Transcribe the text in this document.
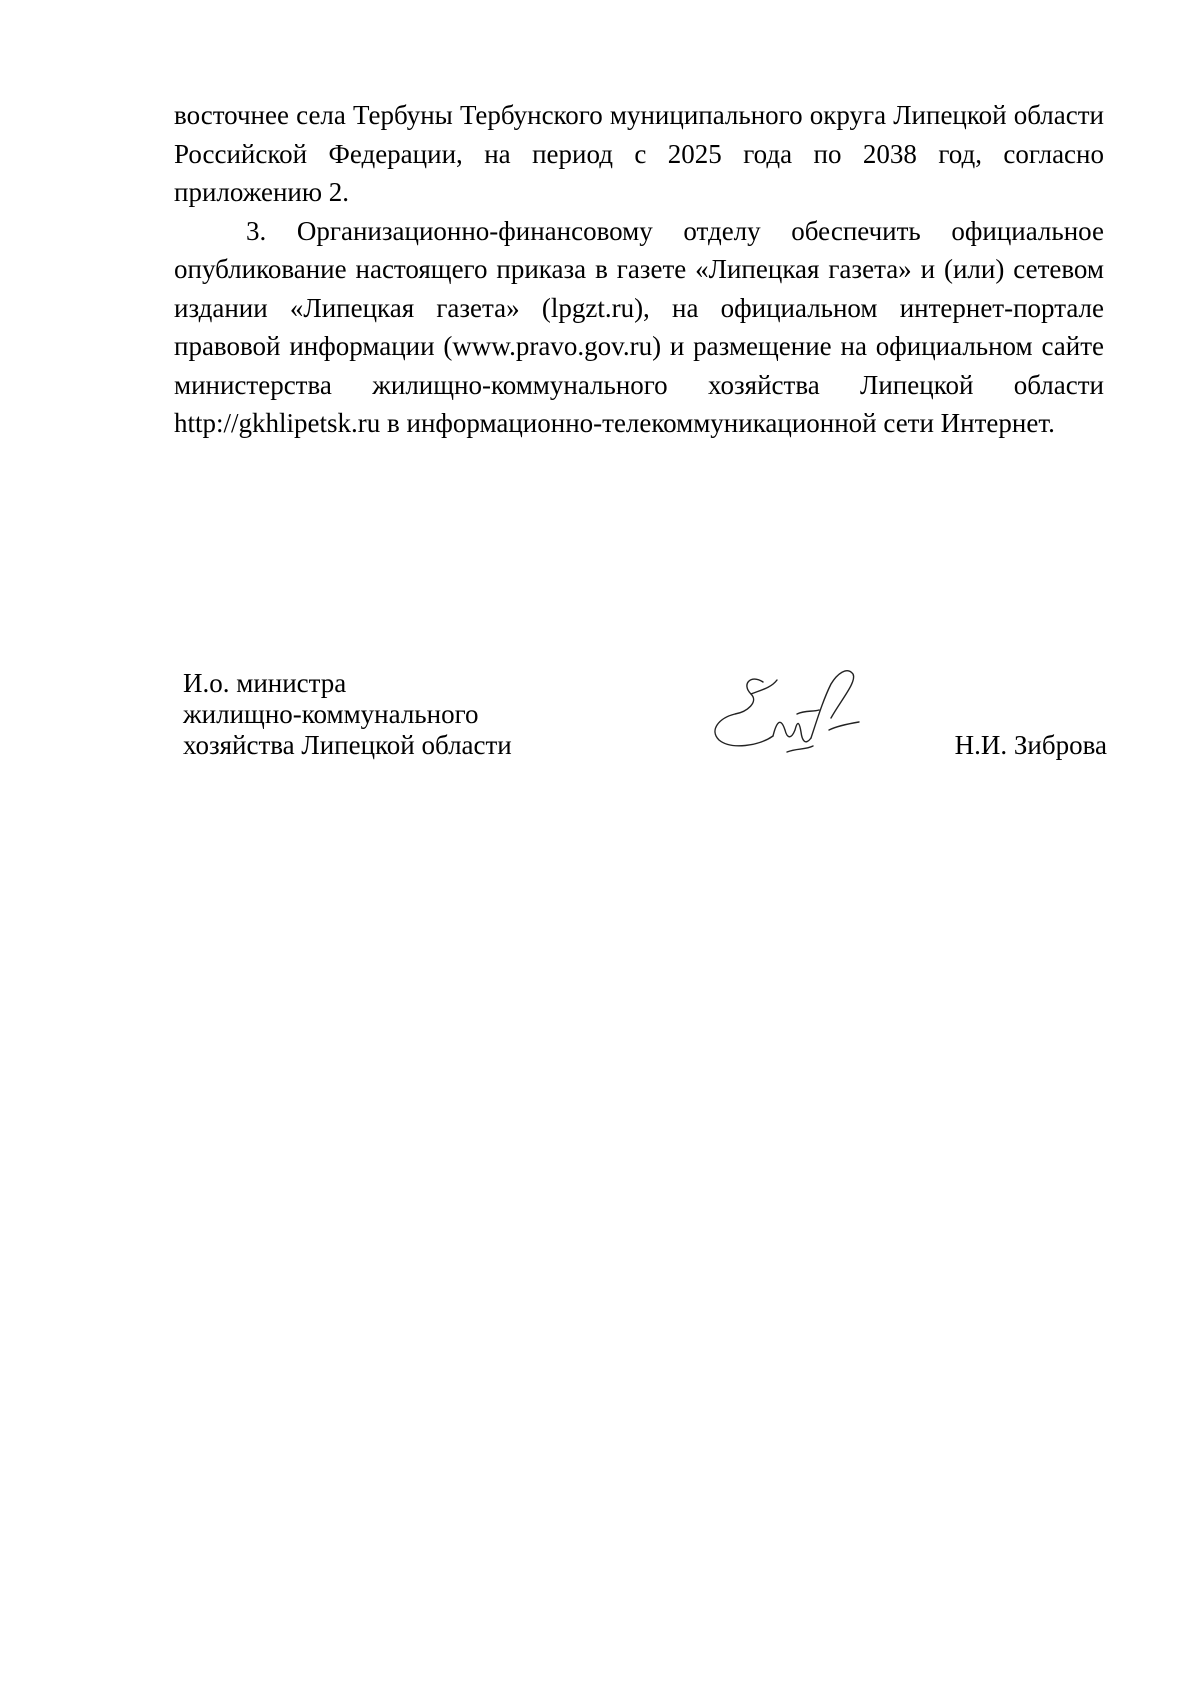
восточнее села Тербуны Тербунского муниципального округа Липецкой области Российской Федерации, на период с 2025 года по 2038 год, согласно приложению 2.

3. Организационно-финансовому отделу обеспечить официальное опубликование настоящего приказа в газете «Липецкая газета» и (или) сетевом издании «Липецкая газета» (lpgzt.ru), на официальном интернет-портале правовой информации (www.pravo.gov.ru) и размещение на официальном сайте министерства жилищно-коммунального хозяйства Липецкой области http://gkhlipetsk.ru в информационно-телекоммуникационной сети Интернет.

И.о. министра
жилищно-коммунального
хозяйства Липецкой области	Н.И. Зиброва
